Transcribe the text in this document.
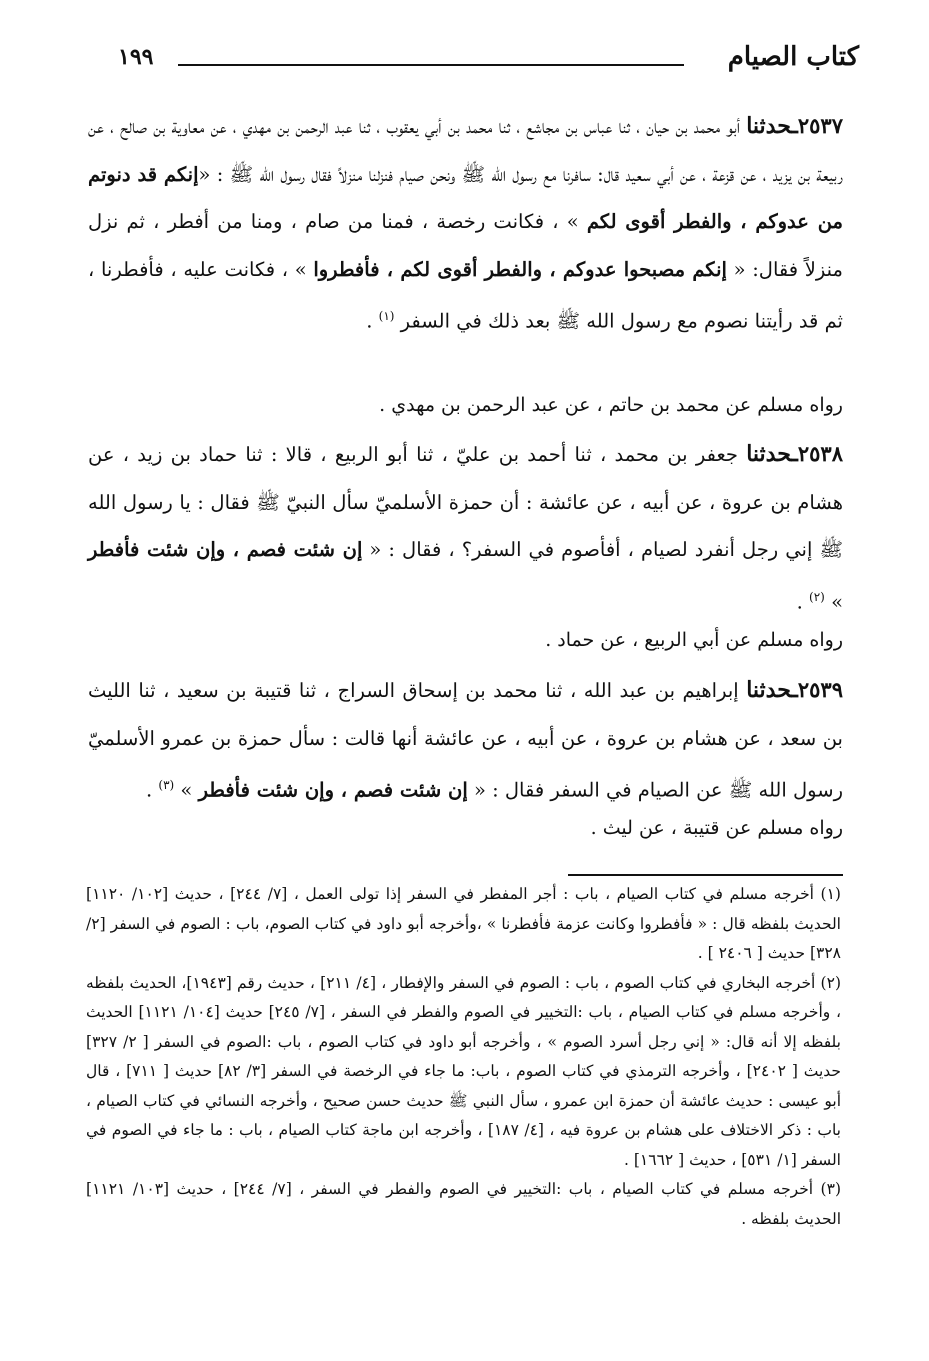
كتاب الصيام
١٩٩
٢٥٣٧ـحدثنا أبو محمد بن حيان ، ثنا عباس بن مجاشع ، ثنا محمد بن أبي يعقوب ، ثنا عبد الرحمن بن مهدي ، عن معاوية بن صالح ، عن ربيعة بن يزيد ، عن قزعة ، عن أبي سعيد قال: سافرنا مع رسول الله ﷺ ونحن صيام فنزلنا منزلاً فقال رسول الله ﷺ : «إنكم قد دنوتم من عدوكم ، والفطر أقوى لكم » ، فكانت رخصة ، فمنا من صام ، ومنا من أفطر ، ثم نزل منزلاً فقال: « إنكم مصبحوا عدوكم ، والفطر أقوى لكم ، فأفطروا » ، فكانت عليه ، فأفطرنا ، ثم قد رأيتنا نصوم مع رسول الله ﷺ بعد ذلك في السفر $^{(١)}$ .
رواه مسلم عن محمد بن حاتم ، عن عبد الرحمن بن مهدي .
٢٥٣٨ـحدثنا جعفر بن محمد ، ثنا أحمد بن عليّ ، ثنا أبو الربيع ، قالا : ثنا حماد بن زيد ، عن هشام بن عروة ، عن أبيه ، عن عائشة : أن حمزة الأسلميّ سأل النبيّ ﷺ فقال : يا رسول الله ﷺ إني رجل أنفرد لصيام ، أفأصوم في السفر؟ ، فقال : « إن شئت فصم ، وإن شئت فأفطر » $^{(٢)}$ .
رواه مسلم عن أبي الربيع ، عن حماد .
٢٥٣٩ـحدثنا إبراهيم بن عبد الله ، ثنا محمد بن إسحاق السراج ، ثنا قتيبة بن سعيد ، ثنا الليث بن سعد ، عن هشام بن عروة ، عن أبيه ، عن عائشة أنها قالت : سأل حمزة بن عمرو الأسلميّ رسول الله ﷺ عن الصيام في السفر فقال : « إن شئت فصم ، وإن شئت فأفطر » $^{(٣)}$ .
رواه مسلم عن قتيبة ، عن ليث .

(١) أخرجه مسلم في كتاب الصيام ، باب : أجر المفطر في السفر إذا تولى العمل ، [٧/ ٢٤٤] ، حديث [١٠٢/ ١١٢٠] الحديث بلفظه قال : « فأفطروا وكانت عزمة فأفطرنا » ،وأخرجه أبو داود في كتاب الصوم، باب : الصوم في السفر [٢/ ٣٢٨] حديث [ ٢٤٠٦ ] .

(٢) أخرجه البخاري في كتاب الصوم ، باب : الصوم في السفر والإفطار ، [٤/ ٢١١] ، حديث رقم [١٩٤٣]، الحديث بلفظه ، وأخرجه مسلم في كتاب الصيام ، باب :التخيير في الصوم والفطر في السفر ، [٧/ ٢٤٥] حديث [١٠٤/ ١١٢١] الحديث بلفظه إلا أنه قال: « إني رجل أسرد الصوم » ، وأخرجه أبو داود في كتاب الصوم ، باب :الصوم في السفر [ ٢/ ٣٢٧] حديث [ ٢٤٠٢] ، وأخرجه الترمذي في كتاب الصوم ، باب: ما جاء في الرخصة في السفر [٣/ ٨٢] حديث [ ٧١١] ، قال أبو عيسى : حديث عائشة أن حمزة ابن عمرو ، سأل النبي ﷺ حديث حسن صحيح ، وأخرجه النسائي في كتاب الصيام ، باب : ذكر الاختلاف على هشام بن عروة فيه ، [٤/ ١٨٧] ، وأخرجه ابن ماجة كتاب الصيام ، باب : ما جاء في الصوم في السفر [١/ ٥٣١] ، حديث [ ١٦٦٢] .

(٣) أخرجه مسلم في كتاب الصيام ، باب :التخيير في الصوم والفطر في السفر ، [٧/ ٢٤٤] ، حديث [١٠٣/ ١١٢١] الحديث بلفظه .
